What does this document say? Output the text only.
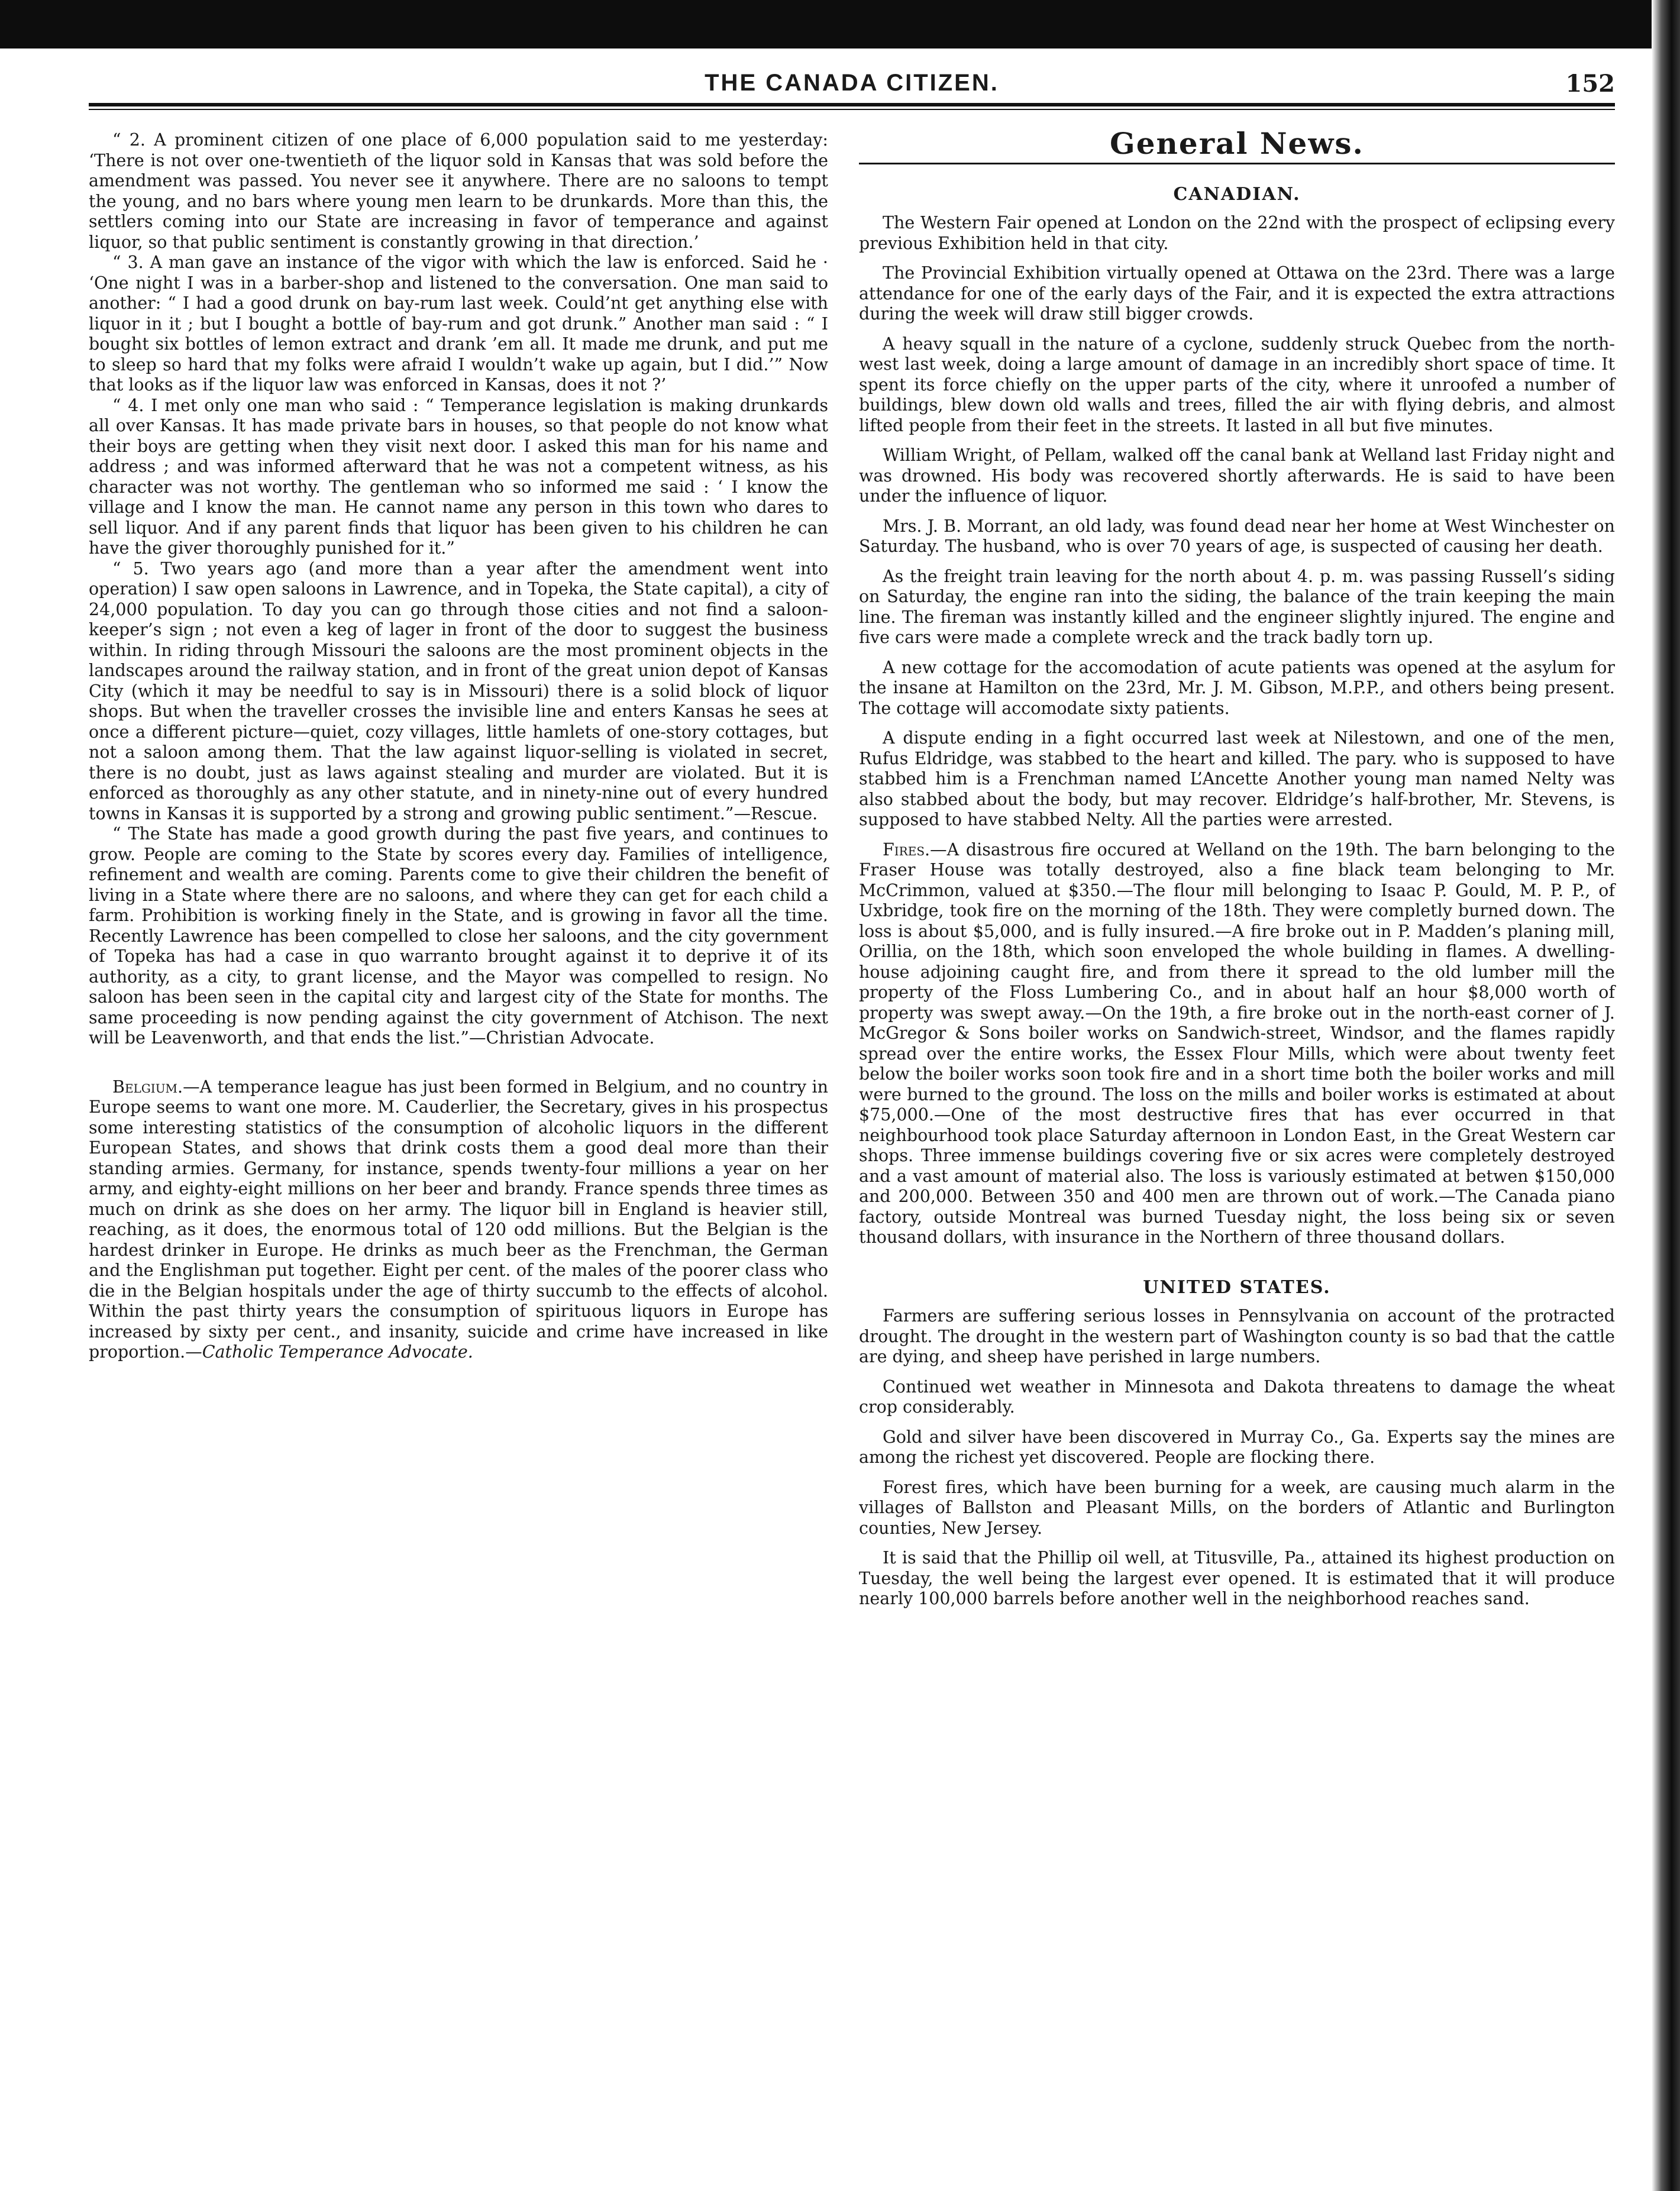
THE CANADA CITIZEN.	152

“ 2. A prominent citizen of one place of 6,000 population said to me yesterday: ‘There is not over one-twentieth of the liquor sold in Kansas that was sold before the amendment was passed. You never see it anywhere. There are no saloons to tempt the young, and no bars where young men learn to be drunkards. More than this, the settlers coming into our State are increasing in favor of temperance and against liquor, so that public sentiment is constantly growing in that direction.’

“ 3. A man gave an instance of the vigor with which the law is enforced. Said he · ‘One night I was in a barber-shop and listened to the conversation. One man said to another: “ I had a good drunk on bay-rum last week. Could’nt get anything else with liquor in it ; but I bought a bottle of bay-rum and got drunk.” Another man said : “ I bought six bottles of lemon extract and drank ’em all. It made me drunk, and put me to sleep so hard that my folks were afraid I wouldn’t wake up again, but I did.’” Now that looks as if the liquor law was enforced in Kansas, does it not ?’

“ 4. I met only one man who said : “ Temperance legislation is making drunkards all over Kansas. It has made private bars in houses, so that people do not know what their boys are getting when they visit next door. I asked this man for his name and address ; and was informed afterward that he was not a competent witness, as his character was not worthy. The gentleman who so informed me said : ‘ I know the village and I know the man. He cannot name any person in this town who dares to sell liquor. And if any parent finds that liquor has been given to his children he can have the giver thoroughly punished for it.”

“ 5. Two years ago (and more than a year after the amendment went into operation) I saw open saloons in Lawrence, and in Topeka, the State capital), a city of 24,000 population. To day you can go through those cities and not find a saloon-keeper’s sign ; not even a keg of lager in front of the door to suggest the business within. In riding through Missouri the saloons are the most prominent objects in the landscapes around the railway station, and in front of the great union depot of Kansas City (which it may be needful to say is in Missouri) there is a solid block of liquor shops. But when the traveller crosses the invisible line and enters Kansas he sees at once a different picture—quiet, cozy villages, little hamlets of one-story cottages, but not a saloon among them. That the law against liquor-selling is violated in secret, there is no doubt, just as laws against stealing and murder are violated. But it is enforced as thoroughly as any other statute, and in ninety-nine out of every hundred towns in Kansas it is supported by a strong and growing public sentiment.”—Rescue.

“ The State has made a good growth during the past five years, and continues to grow. People are coming to the State by scores every day. Families of intelligence, refinement and wealth are coming. Parents come to give their children the benefit of living in a State where there are no saloons, and where they can get for each child a farm. Prohibition is working finely in the State, and is growing in favor all the time. Recently Lawrence has been compelled to close her saloons, and the city government of Topeka has had a case in quo warranto brought against it to deprive it of its authority, as a city, to grant license, and the Mayor was compelled to resign. No saloon has been seen in the capital city and largest city of the State for months. The same proceeding is now pending against the city government of Atchison. The next will be Leavenworth, and that ends the list.”—Christian Advocate.

Belgium.—A temperance league has just been formed in Belgium, and no country in Europe seems to want one more. M. Cauderlier, the Secretary, gives in his prospectus some interesting statistics of the consumption of alcoholic liquors in the different European States, and shows that drink costs them a good deal more than their standing armies. Germany, for instance, spends twenty-four millions a year on her army, and eighty-eight millions on her beer and brandy. France spends three times as much on drink as she does on her army. The liquor bill in England is heavier still, reaching, as it does, the enormous total of 120 odd millions. But the Belgian is the hardest drinker in Europe. He drinks as much beer as the Frenchman, the German and the Englishman put together. Eight per cent. of the males of the poorer class who die in the Belgian hospitals under the age of thirty succumb to the effects of alcohol. Within the past thirty years the consumption of spirituous liquors in Europe has increased by sixty per cent., and insanity, suicide and crime have increased in like proportion.—Catholic Temperance Advocate.

General News.
CANADIAN.

The Western Fair opened at London on the 22nd with the prospect of eclipsing every previous Exhibition held in that city.

The Provincial Exhibition virtually opened at Ottawa on the 23rd. There was a large attendance for one of the early days of the Fair, and it is expected the extra attractions during the week will draw still bigger crowds.

A heavy squall in the nature of a cyclone, suddenly struck Quebec from the north-west last week, doing a large amount of damage in an incredibly short space of time. It spent its force chiefly on the upper parts of the city, where it unroofed a number of buildings, blew down old walls and trees, filled the air with flying debris, and almost lifted people from their feet in the streets. It lasted in all but five minutes.

William Wright, of Pellam, walked off the canal bank at Welland last Friday night and was drowned. His body was recovered shortly afterwards. He is said to have been under the influence of liquor.

Mrs. J. B. Morrant, an old lady, was found dead near her home at West Winchester on Saturday. The husband, who is over 70 years of age, is suspected of causing her death.

As the freight train leaving for the north about 4. p. m. was passing Russell’s siding on Saturday, the engine ran into the siding, the balance of the train keeping the main line. The fireman was instantly killed and the engineer slightly injured. The engine and five cars were made a complete wreck and the track badly torn up.

A new cottage for the accomodation of acute patients was opened at the asylum for the insane at Hamilton on the 23rd, Mr. J. M. Gibson, M.P.P., and others being present. The cottage will accomodate sixty patients.

A dispute ending in a fight occurred last week at Nilestown, and one of the men, Rufus Eldridge, was stabbed to the heart and killed. The pary. who is supposed to have stabbed him is a Frenchman named L’Ancette Another young man named Nelty was also stabbed about the body, but may recover. Eldridge’s half-brother, Mr. Stevens, is supposed to have stabbed Nelty. All the parties were arrested.

Fires.—A disastrous fire occured at Welland on the 19th. The barn belonging to the Fraser House was totally destroyed, also a fine black team belonging to Mr. McCrimmon, valued at $350.—The flour mill belonging to Isaac P. Gould, M. P. P., of Uxbridge, took fire on the morning of the 18th. They were completly burned down. The loss is about $5,000, and is fully insured.—A fire broke out in P. Madden’s planing mill, Orillia, on the 18th, which soon enveloped the whole building in flames. A dwelling-house adjoining caught fire, and from there it spread to the old lumber mill the property of the Floss Lumbering Co., and in about half an hour $8,000 worth of property was swept away.—On the 19th, a fire broke out in the north-east corner of J. McGregor & Sons boiler works on Sandwich-street, Windsor, and the flames rapidly spread over the entire works, the Essex Flour Mills, which were about twenty feet below the boiler works soon took fire and in a short time both the boiler works and mill were burned to the ground. The loss on the mills and boiler works is estimated at about $75,000.—One of the most destructive fires that has ever occurred in that neighbourhood took place Saturday afternoon in London East, in the Great Western car shops. Three immense buildings covering five or six acres were completely destroyed and a vast amount of material also. The loss is variously estimated at betwen $150,000 and 200,000. Between 350 and 400 men are thrown out of work.—The Canada piano factory, outside Montreal was burned Tuesday night, the loss being six or seven thousand dollars, with insurance in the Northern of three thousand dollars.

UNITED STATES.

Farmers are suffering serious losses in Pennsylvania on account of the protracted drought. The drought in the western part of Washington county is so bad that the cattle are dying, and sheep have perished in large numbers.

Continued wet weather in Minnesota and Dakota threatens to damage the wheat crop considerably.

Gold and silver have been discovered in Murray Co., Ga. Experts say the mines are among the richest yet discovered. People are flocking there.

Forest fires, which have been burning for a week, are causing much alarm in the villages of Ballston and Pleasant Mills, on the borders of Atlantic and Burlington counties, New Jersey.

It is said that the Phillip oil well, at Titusville, Pa., attained its highest production on Tuesday, the well being the largest ever opened. It is estimated that it will produce nearly 100,000 barrels before another well in the neighborhood reaches sand.
